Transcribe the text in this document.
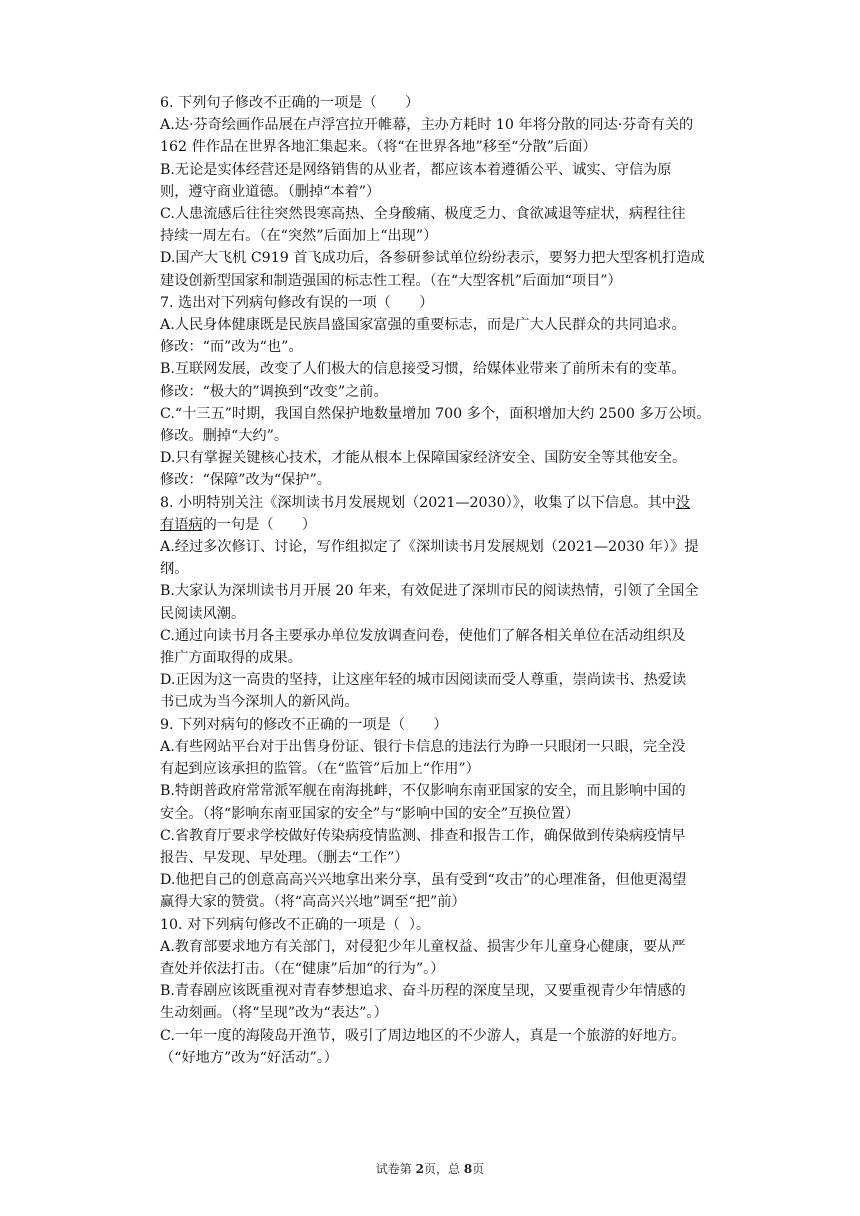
6. 下列句子修改不正确的一项是（　　）
A.达·芬奇绘画作品展在卢浮宫拉开帷幕，主办方耗时 10 年将分散的同达·芬奇有关的
162 件作品在世界各地汇集起来。（将“在世界各地”移至“分散”后面）
B.无论是实体经营还是网络销售的从业者，都应该本着遵循公平、诚实、守信为原
则，遵守商业道德。（删掉“本着”）
C.人患流感后往往突然畏寒高热、全身酸痛、极度乏力、食欲减退等症状，病程往往
持续一周左右。（在“突然”后面加上“出现”）
D.国产大飞机 C919 首飞成功后，各参研参试单位纷纷表示，要努力把大型客机打造成
建设创新型国家和制造强国的标志性工程。（在“大型客机”后面加“项目”）
7. 选出对下列病句修改有误的一项（　　）
A.人民身体健康既是民族昌盛国家富强的重要标志，而是广大人民群众的共同追求。
修改：“而”改为“也”。
B.互联网发展，改变了人们极大的信息接受习惯，给媒体业带来了前所未有的变革。
修改：“极大的”调换到“改变”之前。
C.“十三五”时期，我国自然保护地数量增加 700 多个，面积增加大约 2500 多万公顷。
修改。删掉“大约”。
D.只有掌握关键核心技术，才能从根本上保障国家经济安全、国防安全等其他安全。
修改：“保障”改为“保护”。
8. 小明特别关注《深圳读书月发展规划（2021—2030）》，收集了以下信息。其中没
有语病的一句是（　　）
A.经过多次修订、讨论，写作组拟定了《深圳读书月发展规划（2021—2030 年）》提
纲。
B.大家认为深圳读书月开展 20 年来，有效促进了深圳市民的阅读热情，引领了全国全
民阅读风潮。
C.通过向读书月各主要承办单位发放调查问卷，使他们了解各相关单位在活动组织及
推广方面取得的成果。
D.正因为这一高贵的坚持，让这座年轻的城市因阅读而受人尊重，崇尚读书、热爱读
书已成为当今深圳人的新风尚。
9. 下列对病句的修改不正确的一项是（　　）
A.有些网站平台对于出售身份证、银行卡信息的违法行为睁一只眼闭一只眼，完全没
有起到应该承担的监管。（在“监管”后加上“作用”）
B.特朗普政府常常派军舰在南海挑衅，不仅影响东南亚国家的安全，而且影响中国的
安全。（将“影响东南亚国家的安全”与“影响中国的安全”互换位置）
C.省教育厅要求学校做好传染病疫情监测、排查和报告工作，确保做到传染病疫情早
报告、早发现、早处理。（删去“工作”）
D.他把自己的创意高高兴兴地拿出来分享，虽有受到“攻击”的心理准备，但他更渴望
赢得大家的赞赏。（将“高高兴兴地”调至“把”前）
10. 对下列病句修改不正确的一项是（  ）。
A.教育部要求地方有关部门，对侵犯少年儿童权益、损害少年儿童身心健康，要从严
查处并依法打击。（在“健康”后加“的行为”。）
B.青春剧应该既重视对青春梦想追求、奋斗历程的深度呈现，又要重视青少年情感的
生动刻画。（将“呈现”改为“表达”。）
C.一年一度的海陵岛开渔节，吸引了周边地区的不少游人，真是一个旅游的好地方。
（“好地方”改为“好活动”。）
试卷第 2页，总 8页
